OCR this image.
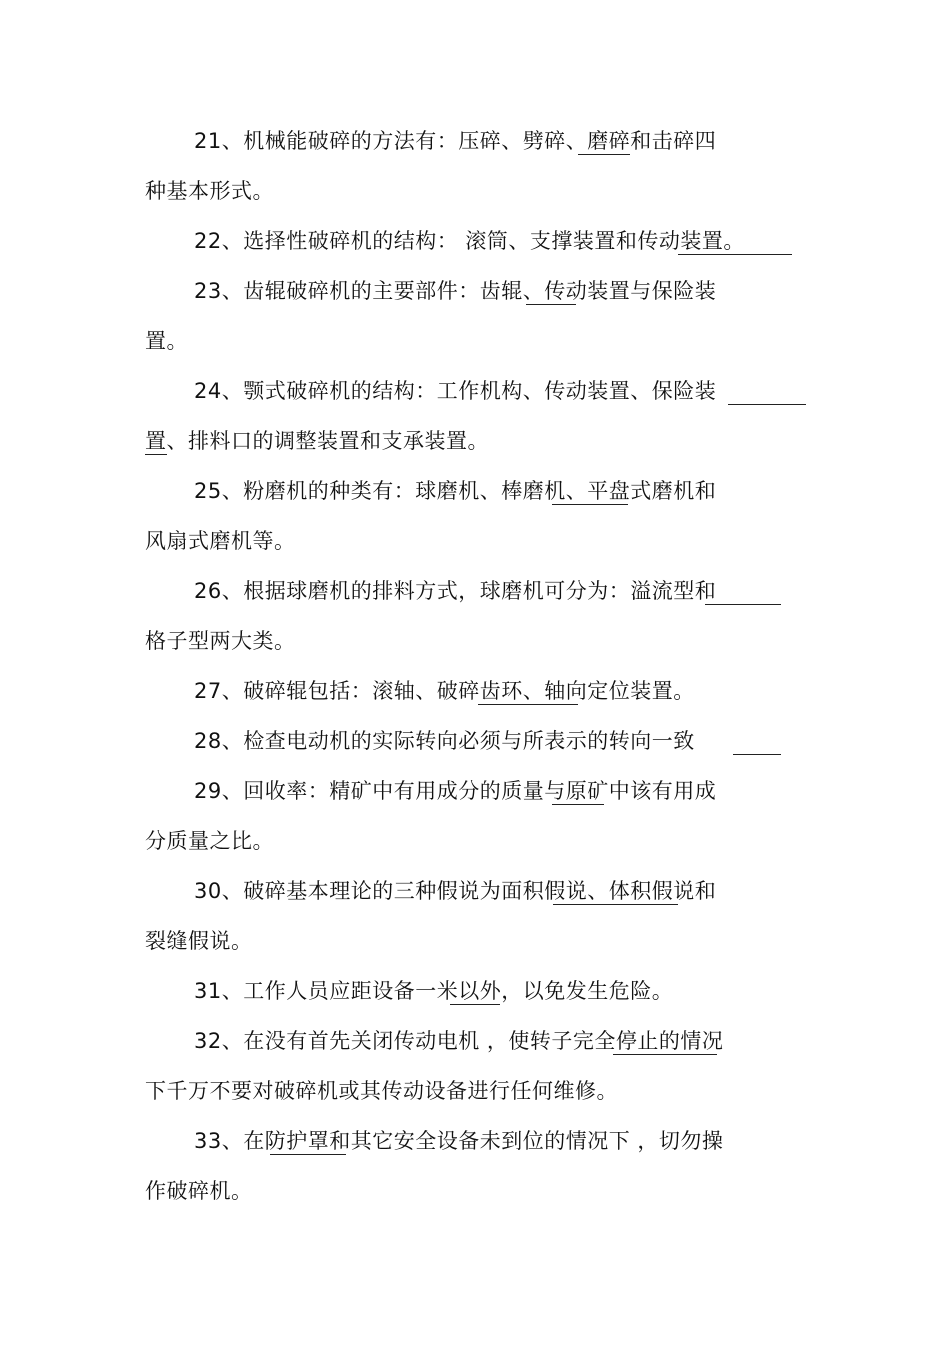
21、机械能破碎的方法有：压碎、劈碎、磨碎和击碎四
种基本形式。
22、选择性破碎机的结构： 滚筒、支撑装置和传动装置。
23、齿辊破碎机的主要部件：齿辊、传动装置与保险装
置。
24、颚式破碎机的结构：工作机构、传动装置、保险装
置、排料口的调整装置和支承装置。
25、粉磨机的种类有：球磨机、棒磨机、平盘式磨机和
风扇式磨机等。
26、根据球磨机的排料方式，球磨机可分为：溢流型和
格子型两大类。
27、破碎辊包括：滚轴、破碎齿环、轴向定位装置。
28、检查电动机的实际转向必须与所表示的转向一致
29、回收率：精矿中有用成分的质量与原矿中该有用成
分质量之比。
30、破碎基本理论的三种假说为面积假说、体积假说和
裂缝假说。
31、工作人员应距设备一米以外，以免发生危险。
32、在没有首先关闭传动电机 ，使转子完全停止的情况
下千万不要对破碎机或其传动设备进行任何维修。
33、在防护罩和其它安全设备未到位的情况下 ，切勿操
作破碎机。
